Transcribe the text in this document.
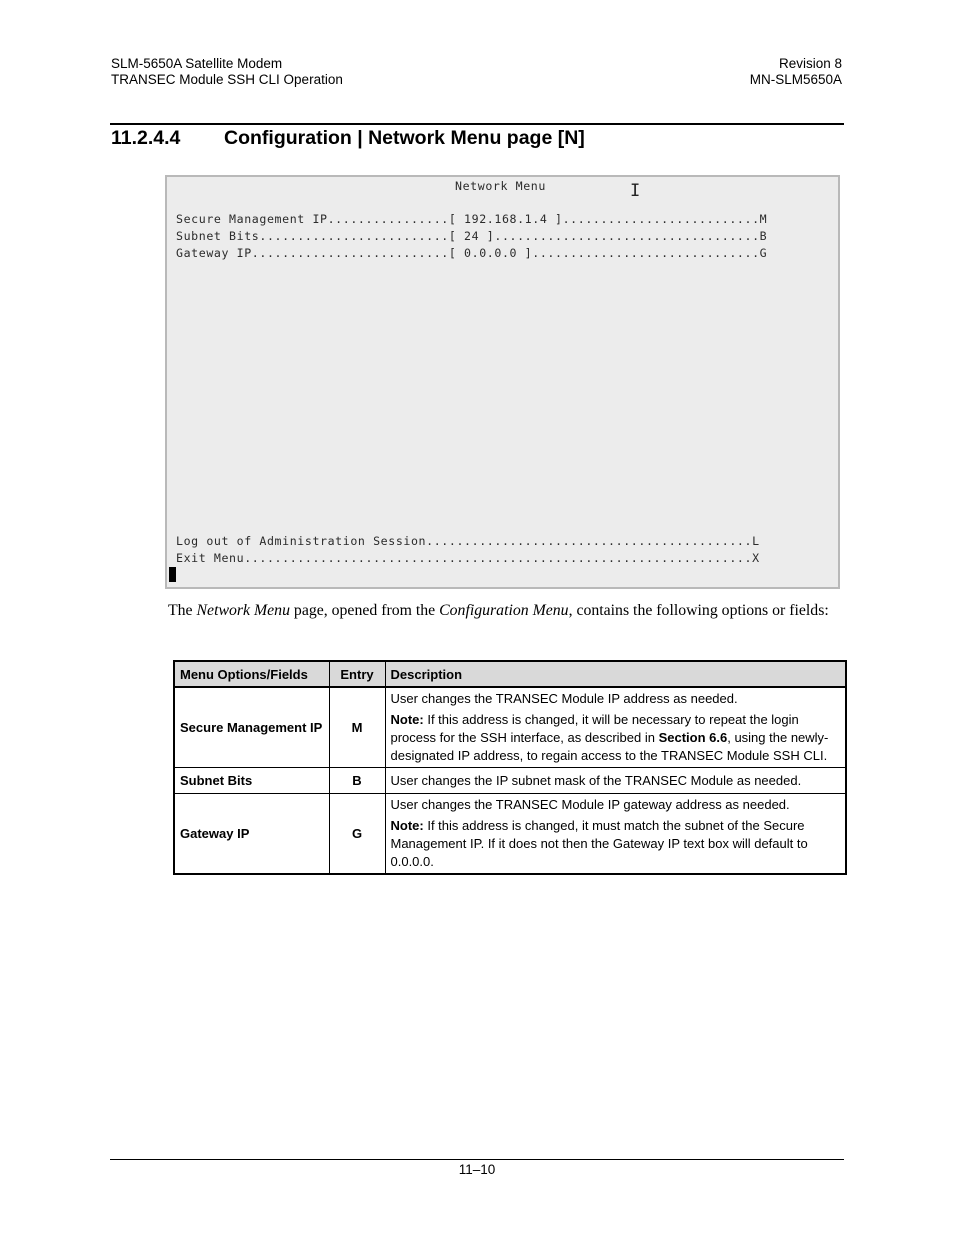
SLM-5650A Satellite Modem
TRANSEC Module SSH CLI Operation
Revision 8
MN-SLM5650A
11.2.4.4 Configuration | Network Menu page [N]
Network Menu	I
Secure Management IP................[ 192.168.1.4 ]..........................M
Subnet Bits.........................[ 24 ]...................................B
Gateway IP..........................[ 0.0.0.0 ]..............................G
Log out of Administration Session...........................................L
Exit Menu...................................................................X
The Network Menu page, opened from the Configuration Menu, contains the following options or fields:
Menu Options/Fields	Entry	Description
Secure Management IP	M	User changes the TRANSEC Module IP address as needed.

Note: If this address is changed, it will be necessary to repeat the login process for the SSH interface, as described in Section 6.6, using the newly-designated IP address, to regain access to the TRANSEC Module SSH CLI.

Subnet Bits	B	User changes the IP subnet mask of the TRANSEC Module as needed.

Gateway IP	G	User changes the TRANSEC Module IP gateway address as needed.

Note: If this address is changed, it must match the subnet of the Secure Management IP. If it does not then the Gateway IP text box will default to 0.0.0.0.

11–10
